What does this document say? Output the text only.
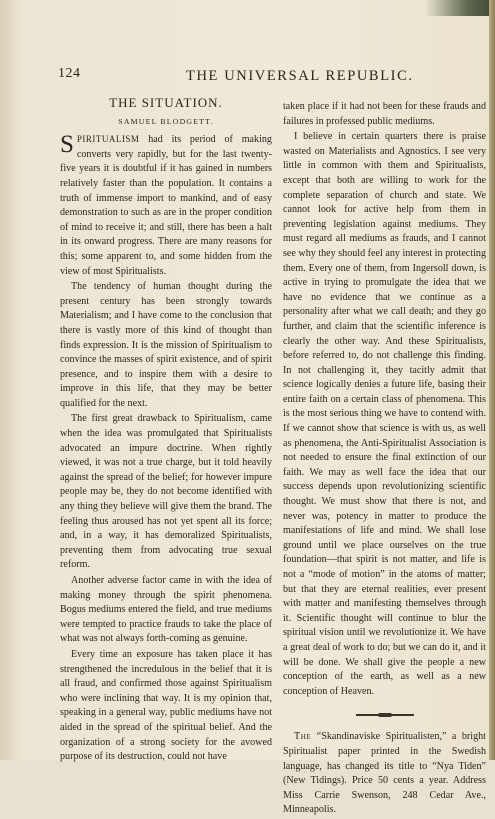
124	THE UNIVERSAL REPUBLIC.
THE SITUATION.
SAMUEL BLODGETT.

SPIRITUALISM had its period of making converts very rapidly, but for the last twenty-five years it is doubtful if it has gained in numbers relatively faster than the population. It contains a truth of immense import to mankind, and of easy demonstration to such as are in the proper condition of mind to receive it; and still, there has been a halt in its onward progress. There are many reasons for this; some apparent to, and some hidden from the view of most Spiritualists.

The tendency of human thought during the present century has been strongly towards Materialism; and I have come to the conclusion that there is vastly more of this kind of thought than finds expression. It is the mission of Spiritualism to convince the masses of spirit existence, and of spirit presence, and to inspire them with a desire to improve in this life, that they may be better qualified for the next.

The first great drawback to Spiritualism, came when the idea was promulgated that Spiritualists advocated an impure doctrine. When rightly viewed, it was not a true charge, but it told heavily against the spread of the belief; for however impure people may be, they do not become identified with any thing they believe will give them the brand. The feeling thus aroused has not yet spent all its force; and, in a way, it has demoralized Spiritualists, preventing them from advocating true sexual reform.

Another adverse factor came in with the idea of making money through the spirit phenomena. Bogus mediums entered the field, and true mediums were tempted to practice frauds to take the place of what was not always forth-coming as genuine.

Every time an exposure has taken place it has strengthened the incredulous in the belief that it is all fraud, and confirmed those against Spiritualism who were inclining that way. It is my opinion that, speaking in a general way, public mediums have not aided in the spread of the spiritual belief. And the organization of a strong society for the avowed purpose of its destruction, could not have

taken place if it had not been for these frauds and failures in professed public mediums.

I believe in certain quarters there is praise wasted on Materialists and Agnostics. I see very little in common with them and Spiritualists, except that both are willing to work for the complete separation of church and state. We cannot look for active help from them in preventing legislation against mediums. They must regard all mediums as frauds, and I cannot see why they should feel any interest in protecting them. Every one of them, from Ingersoll down, is active in trying to promulgate the idea that we have no evidence that we continue as a personality after what we call death; and they go further, and claim that the scientific inference is clearly the other way. And these Spiritualists, before referred to, do not challenge this finding. In not challenging it, they tacitly admit that science logically denies a future life, basing their entire faith on a certain class of phenomena. This is the most serious thing we have to contend with. If we cannot show that science is with us, as well as phenomena, the Anti-Spiritualist Association is not needed to ensure the final extinction of our faith. We may as well face the idea that our success depends upon revolutionizing scientific thought. We must show that there is not, and never was, potency in matter to produce the manifestations of life and mind. We shall lose ground until we place ourselves on the true foundation—that spirit is not matter, and life is not a “mode of motion” in the atoms of matter; but that they are eternal realities, ever present with matter and manifesting themselves through it. Scientific thought will continue to blur the spiritual vision until we revolutionize it. We have a great deal of work to do; but we can do it, and it will be done. We shall give the people a new conception of the earth, as well as a new conception of Heaven.

The “Skandinaviske Spiritualisten,” a bright Spiritualist paper printed in the Swedish language, has changed its title to “Nya Tiden” (New Tidings). Price 50 cents a year. Address Miss Carrie Swenson, 248 Cedar Ave., Minneapolis.
